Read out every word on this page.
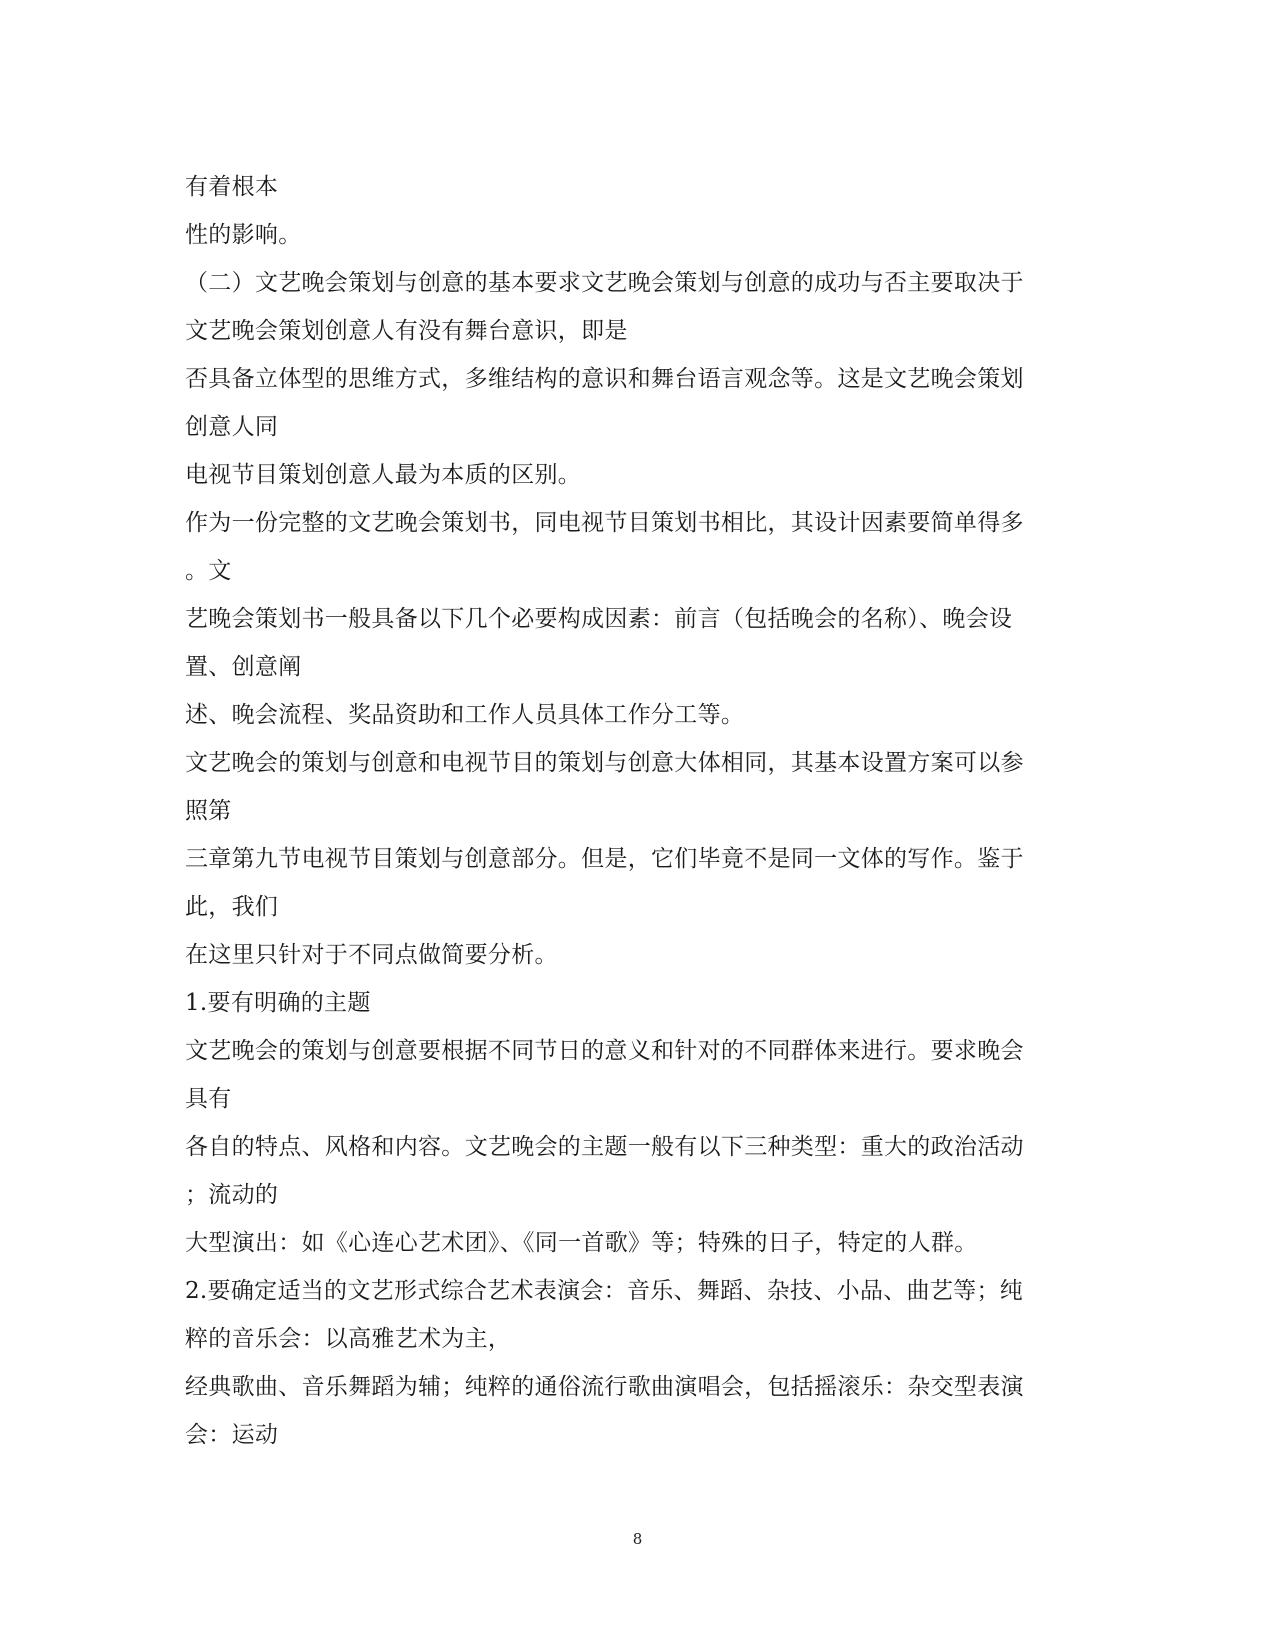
有着根本
性的影响。
（二）文艺晚会策划与创意的基本要求文艺晚会策划与创意的成功与否主要取决于
文艺晚会策划创意人有没有舞台意识，即是
否具备立体型的思维方式，多维结构的意识和舞台语言观念等。这是文艺晚会策划
创意人同
电视节目策划创意人最为本质的区别。
作为一份完整的文艺晚会策划书，同电视节目策划书相比，其设计因素要简单得多
。文
艺晚会策划书一般具备以下几个必要构成因素：前言（包括晚会的名称）、晚会设
置、创意阐
述、晚会流程、奖品资助和工作人员具体工作分工等。
文艺晚会的策划与创意和电视节目的策划与创意大体相同，其基本设置方案可以参
照第
三章第九节电视节目策划与创意部分。但是，它们毕竟不是同一文体的写作。鉴于
此，我们
在这里只针对于不同点做简要分析。
1.要有明确的主题
文艺晚会的策划与创意要根据不同节日的意义和针对的不同群体来进行。要求晚会
具有
各自的特点、风格和内容。文艺晚会的主题一般有以下三种类型：重大的政治活动
；流动的
大型演出：如《心连心艺术团》、《同一首歌》等；特殊的日子，特定的人群。
2.要确定适当的文艺形式综合艺术表演会：音乐、舞蹈、杂技、小品、曲艺等；纯
粹的音乐会：以高雅艺术为主，
经典歌曲、音乐舞蹈为辅；纯粹的通俗流行歌曲演唱会，包括摇滚乐：杂交型表演
会：运动
8
